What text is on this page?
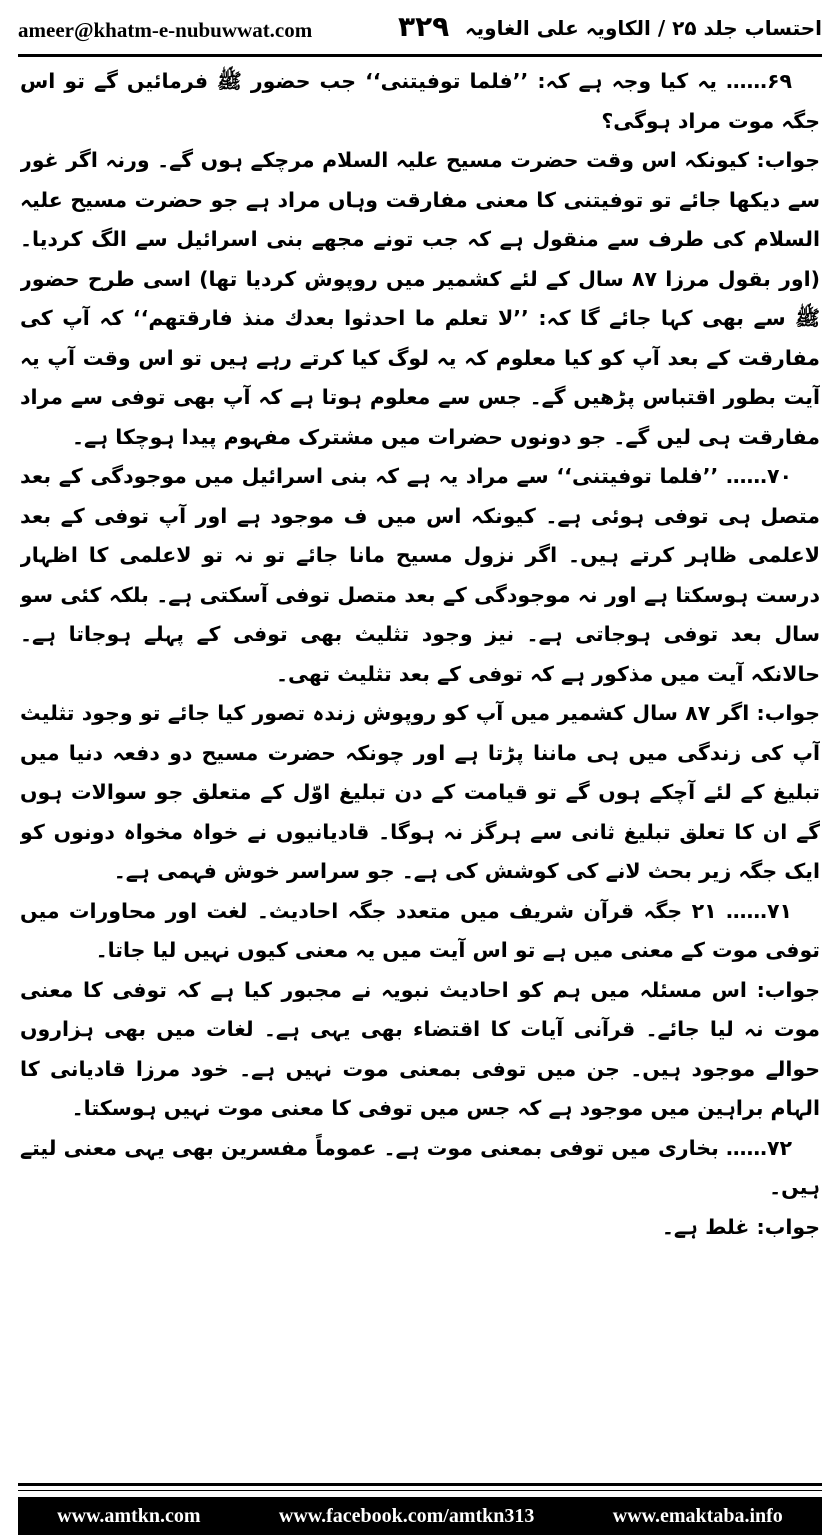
ameer@khatm-e-nubuwwat.com	۳۲۹ احتساب جلد ۲۵ / الکاویہ علی الغاویہ

۶۹…… یہ کیا وجہ ہے کہ: ’’فلما توفیتنی‘‘ جب حضور ﷺ فرمائیں گے تو اس جگہ موت مراد ہوگی؟

جواب: کیونکہ اس وقت حضرت مسیح علیہ السلام مرچکے ہوں گے۔ ورنہ اگر غور سے دیکھا جائے تو توفیتنی کا معنی مفارقت وہاں مراد ہے جو حضرت مسیح علیہ السلام کی طرف سے منقول ہے کہ جب تونے مجھے بنی اسرائیل سے الگ کردیا۔ (اور بقول مرزا ۸۷ سال کے لئے کشمیر میں روپوش کردیا تھا) اسی طرح حضور ﷺ سے بھی کہا جائے گا کہ: ’’لا تعلم ما احدثوا بعدك منذ فارقتهم‘‘ کہ آپ کی مفارقت کے بعد آپ کو کیا معلوم کہ یہ لوگ کیا کرتے رہے ہیں تو اس وقت آپ یہ آیت بطور اقتباس پڑھیں گے۔ جس سے معلوم ہوتا ہے کہ آپ بھی توفی سے مراد مفارقت ہی لیں گے۔ جو دونوں حضرات میں مشترک مفہوم پیدا ہوچکا ہے۔

۷۰…… ’’فلما توفیتنی‘‘ سے مراد یہ ہے کہ بنی اسرائیل میں موجودگی کے بعد متصل ہی توفی ہوئی ہے۔ کیونکہ اس میں ف موجود ہے اور آپ توفی کے بعد لاعلمی ظاہر کرتے ہیں۔ اگر نزول مسیح مانا جائے تو نہ تو لاعلمی کا اظہار درست ہوسکتا ہے اور نہ موجودگی کے بعد متصل توفی آسکتی ہے۔ بلکہ کئی سو سال بعد توفی ہوجاتی ہے۔ نیز وجود تثلیث بھی توفی کے پہلے ہوجاتا ہے۔ حالانکہ آیت میں مذکور ہے کہ توفی کے بعد تثلیث تھی۔

جواب: اگر ۸۷ سال کشمیر میں آپ کو روپوش زندہ تصور کیا جائے تو وجود تثلیث آپ کی زندگی میں ہی ماننا پڑتا ہے اور چونکہ حضرت مسیح دو دفعہ دنیا میں تبلیغ کے لئے آچکے ہوں گے تو قیامت کے دن تبلیغ اوّل کے متعلق جو سوالات ہوں گے ان کا تعلق تبلیغ ثانی سے ہرگز نہ ہوگا۔ قادیانیوں نے خواہ مخواہ دونوں کو ایک جگہ زیر بحث لانے کی کوشش کی ہے۔ جو سراسر خوش فہمی ہے۔

۷۱…… ۲۱ جگہ قرآن شریف میں متعدد جگہ احادیث۔ لغت اور محاورات میں توفی موت کے معنی میں ہے تو اس آیت میں یہ معنی کیوں نہیں لیا جاتا۔

جواب: اس مسئلہ میں ہم کو احادیث نبویہ نے مجبور کیا ہے کہ توفی کا معنی موت نہ لیا جائے۔ قرآنی آیات کا اقتضاء بھی یہی ہے۔ لغات میں بھی ہزاروں حوالے موجود ہیں۔ جن میں توفی بمعنی موت نہیں ہے۔ خود مرزا قادیانی کا الہام براہین میں موجود ہے کہ جس میں توفی کا معنی موت نہیں ہوسکتا۔

۷۲…… بخاری میں توفی بمعنی موت ہے۔ عموماً مفسرین بھی یہی معنی لیتے ہیں۔

جواب: غلط ہے۔

www.amtkn.com	www.facebook.com/amtkn313	www.emaktaba.info
